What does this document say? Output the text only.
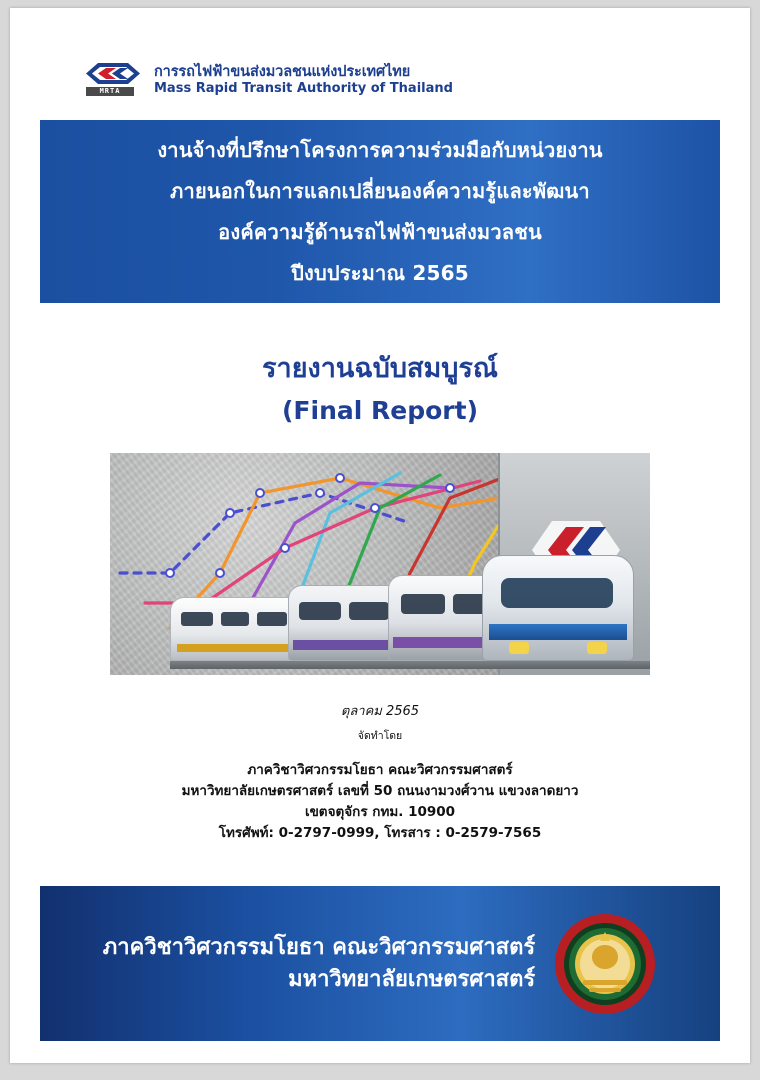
MRTA
การรถไฟฟ้าขนส่งมวลชนแห่งประเทศไทย
Mass Rapid Transit Authority of Thailand
งานจ้างที่ปรึกษาโครงการความร่วมมือกับหน่วยงาน
ภายนอกในการแลกเปลี่ยนองค์ความรู้และพัฒนา
องค์ความรู้ด้านรถไฟฟ้าขนส่งมวลชน
ปีงบประมาณ 2565
รายงานฉบับสมบูรณ์
(Final Report)
ตุลาคม 2565
จัดทำโดย
ภาควิชาวิศวกรรมโยธา คณะวิศวกรรมศาสตร์
มหาวิทยาลัยเกษตรศาสตร์ เลขที่ 50 ถนนงามวงศ์วาน แขวงลาดยาว
เขตจตุจักร กทม. 10900
โทรศัพท์: 0-2797-0999, โทรสาร : 0-2579-7565
ภาควิชาวิศวกรรมโยธา คณะวิศวกรรมศาสตร์
มหาวิทยาลัยเกษตรศาสตร์
